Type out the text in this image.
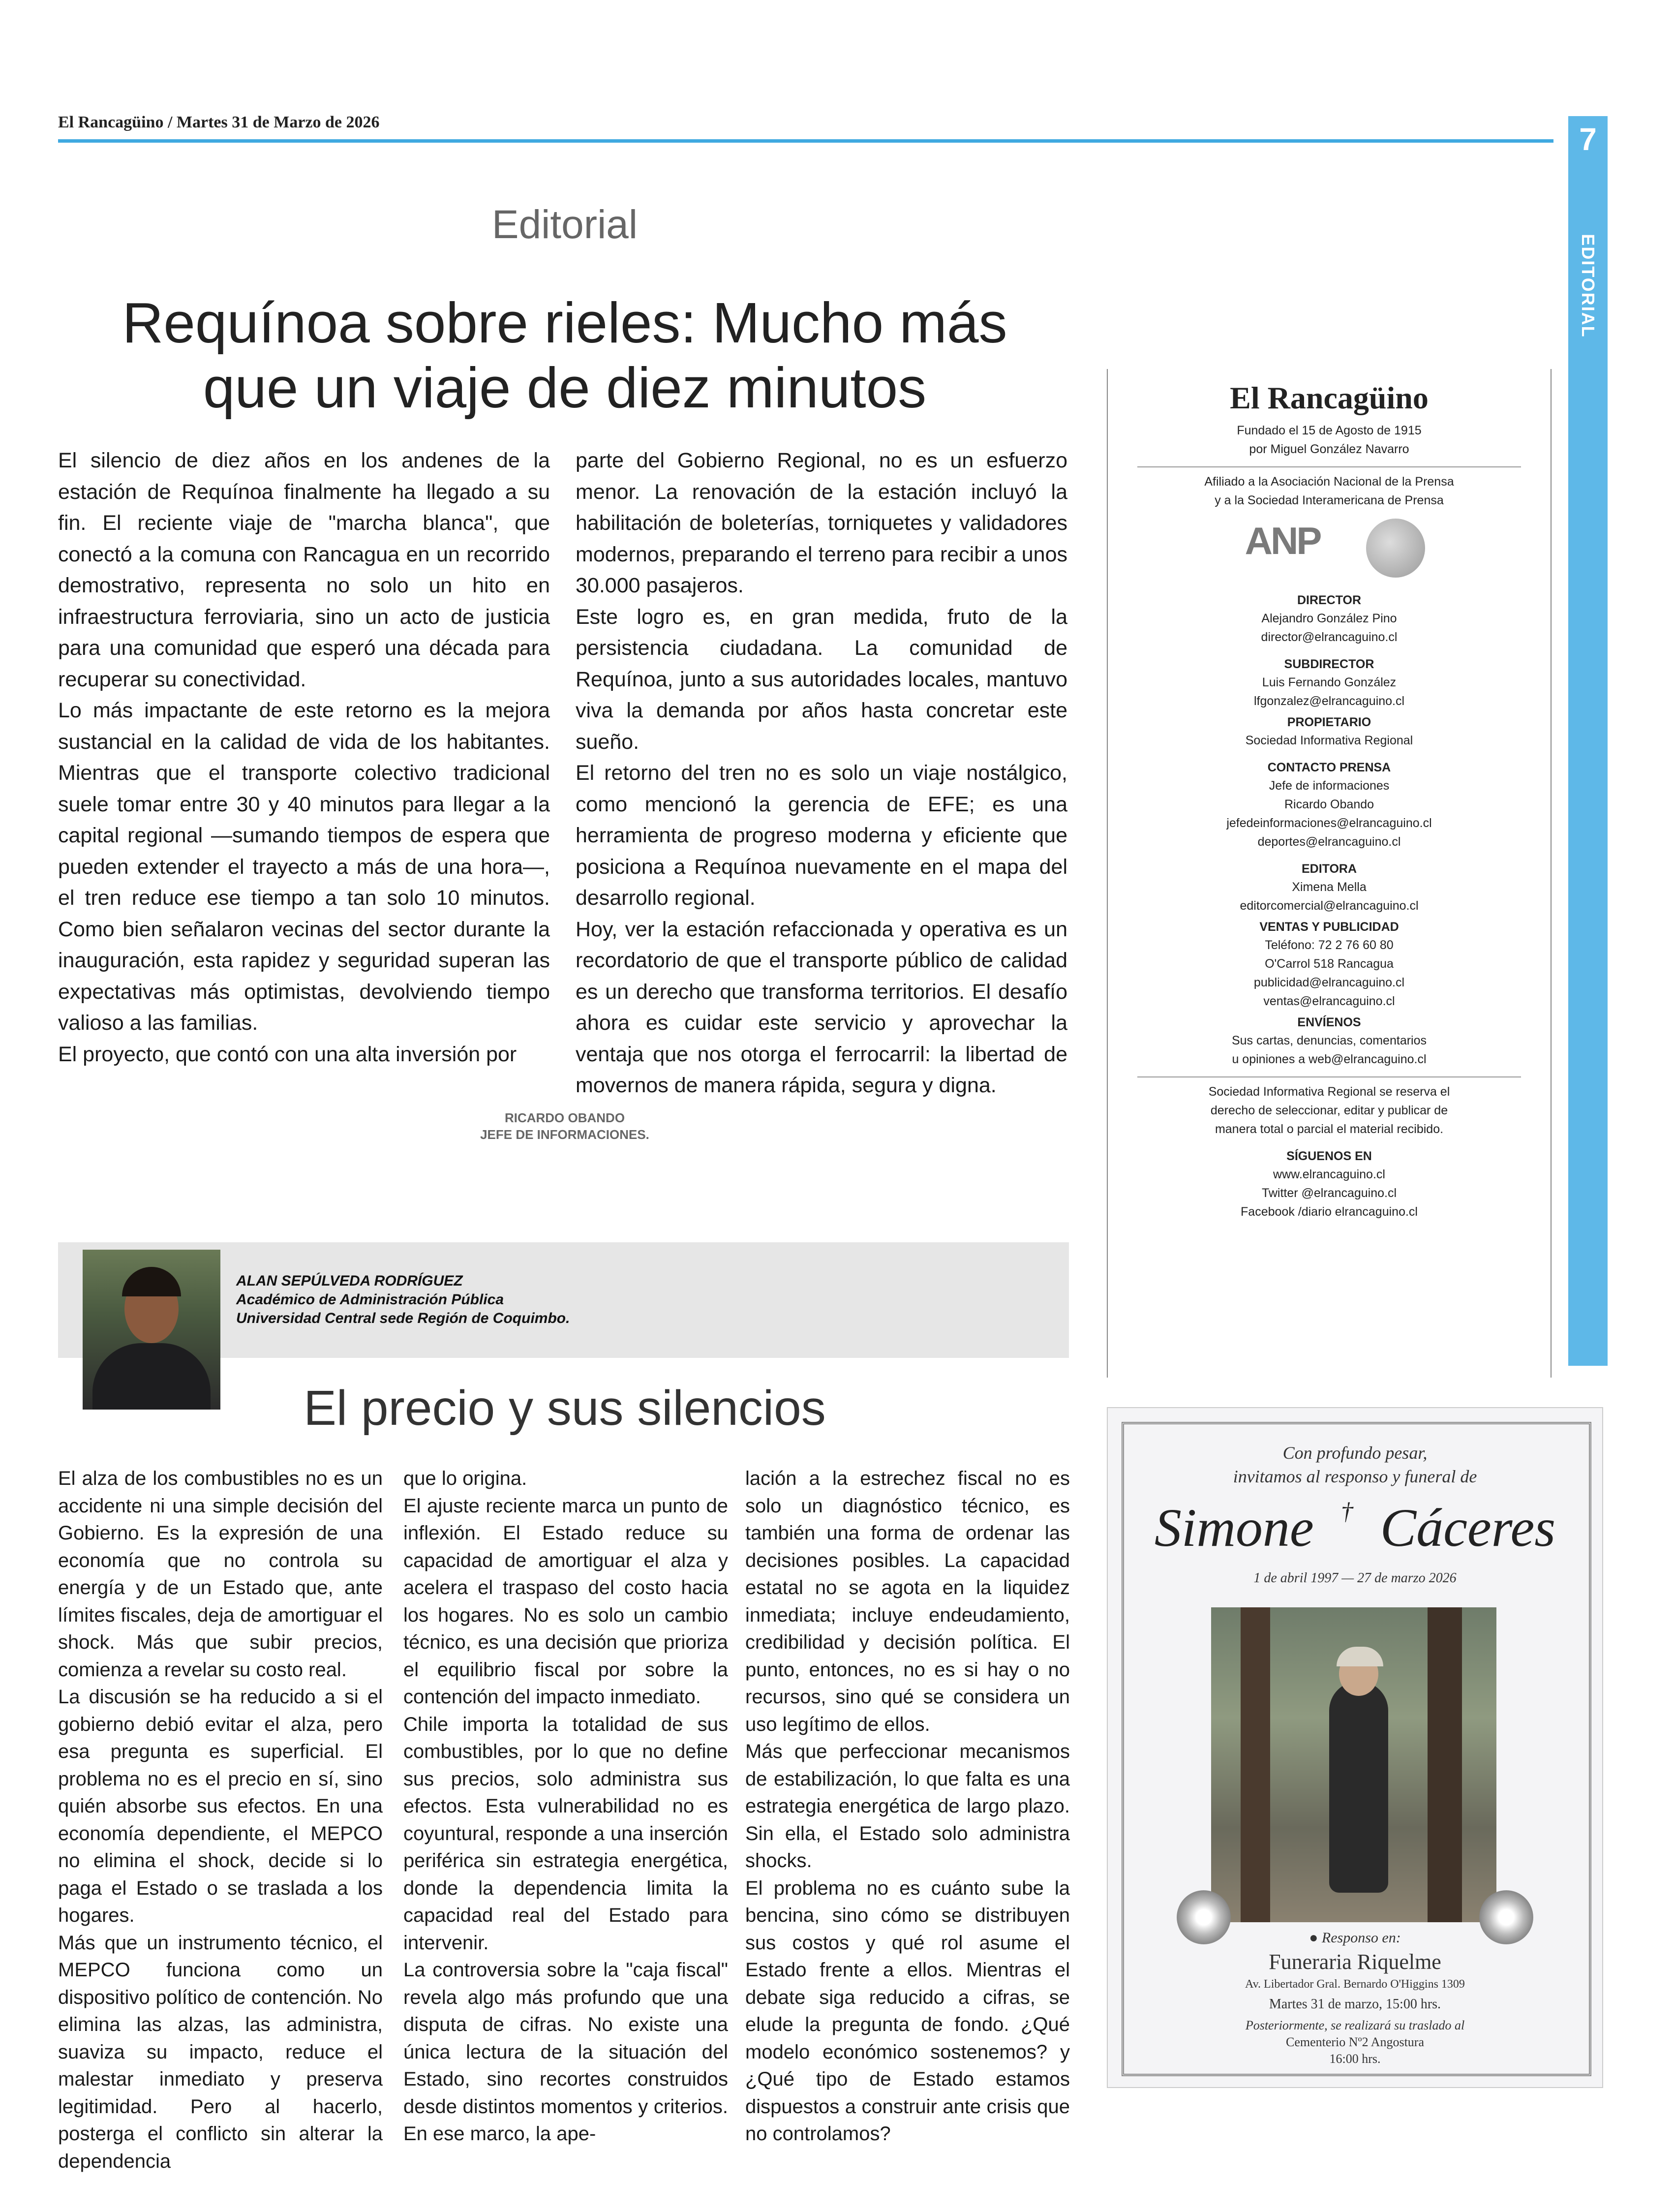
El Rancagüino / Martes 31 de Marzo de 2026	7
EDITORIAL
Editorial
Requínoa sobre rieles: Mucho más
que un viaje de diez minutos

El silencio de diez años en los andenes de la estación de Requínoa finalmente ha llegado a su fin. El reciente viaje de "marcha blanca", que conectó a la comuna con Rancagua en un recorrido demostrativo, representa no solo un hito en infraestructura ferroviaria, sino un acto de justicia para una comunidad que esperó una década para recuperar su conectividad.

Lo más impactante de este retorno es la mejora sustancial en la calidad de vida de los habitantes. Mientras que el transporte colectivo tradicional suele tomar entre 30 y 40 minutos para llegar a la capital regional —sumando tiempos de espera que pueden extender el trayecto a más de una hora—, el tren reduce ese tiempo a tan solo 10 minutos. Como bien señalaron vecinas del sector durante la inauguración, esta rapidez y seguridad superan las expectativas más optimistas, devolviendo tiempo valioso a las familias.

El proyecto, que contó con una alta inversión por

parte del Gobierno Regional, no es un esfuerzo menor. La renovación de la estación incluyó la habilitación de boleterías, torniquetes y validadores modernos, preparando el terreno para recibir a unos 30.000 pasajeros.

Este logro es, en gran medida, fruto de la persistencia ciudadana. La comunidad de Requínoa, junto a sus autoridades locales, mantuvo viva la demanda por años hasta concretar este sueño.

El retorno del tren no es solo un viaje nostálgico, como mencionó la gerencia de EFE; es una herramienta de progreso moderna y eficiente que posiciona a Requínoa nuevamente en el mapa del desarrollo regional.

Hoy, ver la estación refaccionada y operativa es un recordatorio de que el transporte público de calidad es un derecho que transforma territorios. El desafío ahora es cuidar este servicio y aprovechar la ventaja que nos otorga el ferrocarril: la libertad de movernos de manera rápida, segura y digna.

RICARDO OBANDO
JEFE DE INFORMACIONES.
El Rancagüino
Fundado el 15 de Agosto de 1915
por Miguel González Navarro
Afiliado a la Asociación Nacional de la Prensa
y a la Sociedad Interamericana de Prensa
ANP
DIRECTOR
Alejandro González Pino
director@elrancaguino.cl
SUBDIRECTOR
Luis Fernando González
lfgonzalez@elrancaguino.cl
PROPIETARIO
Sociedad Informativa Regional
CONTACTO PRENSA
Jefe de informaciones
Ricardo Obando
jefedeinformaciones@elrancaguino.cl
deportes@elrancaguino.cl
EDITORA
Ximena Mella
editorcomercial@elrancaguino.cl
VENTAS Y PUBLICIDAD
Teléfono: 72 2 76 60 80
O'Carrol 518 Rancagua
publicidad@elrancaguino.cl
ventas@elrancaguino.cl
ENVÍENOS
Sus cartas, denuncias, comentarios
u opiniones a web@elrancaguino.cl
Sociedad Informativa Regional se reserva el
derecho de seleccionar, editar y publicar de
manera total o parcial el material recibido.
SÍGUENOS EN
www.elrancaguino.cl
Twitter @elrancaguino.cl
Facebook /diario elrancaguino.cl
ALAN SEPÚLVEDA RODRÍGUEZ
Académico de Administración Pública
Universidad Central sede Región de Coquimbo.
El precio y sus silencios

El alza de los combustibles no es un accidente ni una simple decisión del Gobierno. Es la expresión de una economía que no controla su energía y de un Estado que, ante límites fiscales, deja de amortiguar el shock. Más que subir precios, comienza a revelar su costo real.

La discusión se ha reducido a si el gobierno debió evitar el alza, pero esa pregunta es superficial. El problema no es el precio en sí, sino quién absorbe sus efectos. En una economía dependiente, el MEPCO no elimina el shock, decide si lo paga el Estado o se traslada a los hogares.

Más que un instrumento técnico, el MEPCO funciona como un dispositivo político de contención. No elimina las alzas, las administra, suaviza su impacto, reduce el malestar inmediato y preserva legitimidad. Pero al hacerlo, posterga el conflicto sin alterar la dependencia

que lo origina.

El ajuste reciente marca un punto de inflexión. El Estado reduce su capacidad de amortiguar el alza y acelera el traspaso del costo hacia los hogares. No es solo un cambio técnico, es una decisión que prioriza el equilibrio fiscal por sobre la contención del impacto inmediato.

Chile importa la totalidad de sus combustibles, por lo que no define sus precios, solo administra sus efectos. Esta vulnerabilidad no es coyuntural, responde a una inserción periférica sin estrategia energética, donde la dependencia limita la capacidad real del Estado para intervenir.

La controversia sobre la "caja fiscal" revela algo más profundo que una disputa de cifras. No existe una única lectura de la situación del Estado, sino recortes construidos desde distintos momentos y criterios. En ese marco, la ape-

lación a la estrechez fiscal no es solo un diagnóstico técnico, es también una forma de ordenar las decisiones posibles. La capacidad estatal no se agota en la liquidez inmediata; incluye endeudamiento, credibilidad y decisión política. El punto, entonces, no es si hay o no recursos, sino qué se considera un uso legítimo de ellos.

Más que perfeccionar mecanismos de estabilización, lo que falta es una estrategia energética de largo plazo. Sin ella, el Estado solo administra shocks.

El problema no es cuánto sube la bencina, sino cómo se distribuyen sus costos y qué rol asume el Estado frente a ellos. Mientras el debate siga reducido a cifras, se elude la pregunta de fondo. ¿Qué modelo económico sostenemos? y ¿Qué tipo de Estado estamos dispuestos a construir ante crisis que no controlamos?

Con profundo pesar,
invitamos al responso y funeral de
Simone † Cáceres
1 de abril 1997 — 27 de marzo 2026
● Responso en:
Funeraria Riquelme
Av. Libertador Gral. Bernardo O'Higgins 1309
Martes 31 de marzo, 15:00 hrs.
Posteriormente, se realizará su traslado al
Cementerio Nº2 Angostura
16:00 hrs.
